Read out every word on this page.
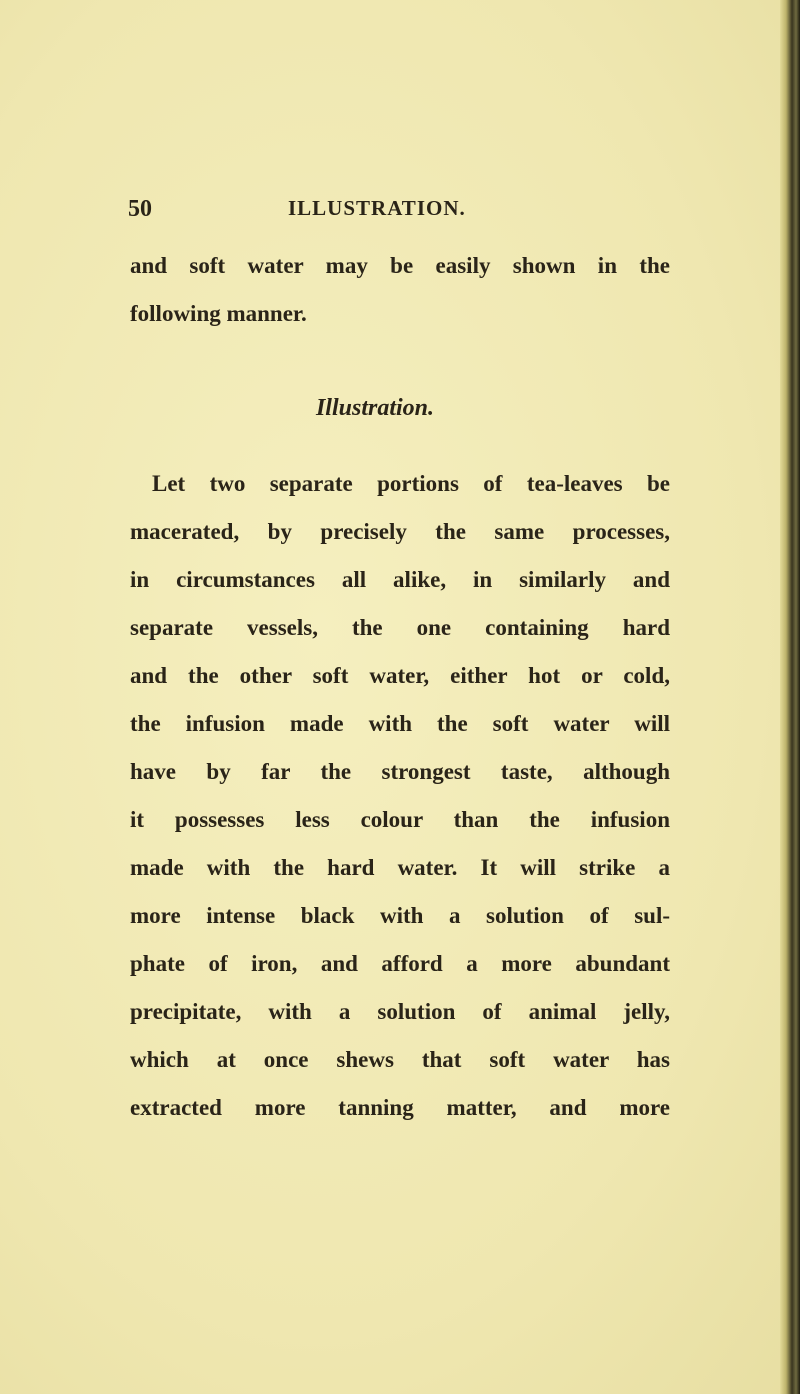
50	ILLUSTRATION.
and soft water may be easily shown in the
following manner.
Illustration.
Let two separate portions of tea-leaves be
macerated, by precisely the same processes,
in circumstances all alike, in similarly and
separate vessels, the one containing hard
and the other soft water, either hot or cold,
the infusion made with the soft water will
have by far the strongest taste, although
it possesses less colour than the infusion
made with the hard water. It will strike a
more intense black with a solution of sul-
phate of iron, and afford a more abundant
precipitate, with a solution of animal jelly,
which at once shews that soft water has
extracted more tanning matter, and more
